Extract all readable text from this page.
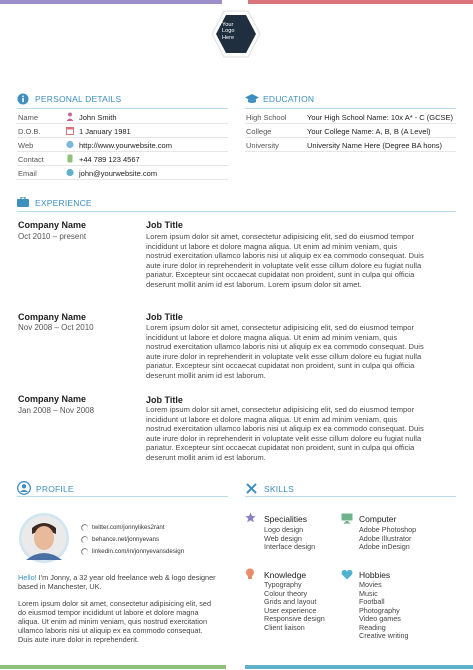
Your
Logo
Here
PERSONAL DETAILS
Name
D.O.B.
Web
Contact
Email
John Smith
1 January 1981
http://www.yourwebsite.com
+44 789 123 4567
john@yourwebsite.com
EDUCATION
High School
College
University
Your High School Name: 10x A* - C (GCSE)
Your College Name: A, B, B (A Level)
University Name Here (Degree BA hons)
EXPERIENCE
Company Name
Oct 2010 – present
Job Title
Lorem ipsum dolor sit amet, consectetur adipisicing elit, sed do eiusmod tempor
incididunt ut labore et dolore magna aliqua. Ut enim ad minim veniam, quis
nostrud exercitation ullamco laboris nisi ut aliquip ex ea commodo consequat. Duis
aute irure dolor in reprehenderit in voluptate velit esse cillum dolore eu fugiat nulla
pariatur. Excepteur sint occaecat cupidatat non proident, sunt in culpa qui officia
deserunt mollit anim id est laborum. Lorem ipsum dolor sit amet.
Company Name
Nov 2008 – Oct 2010
Job Title
Lorem ipsum dolor sit amet, consectetur adipisicing elit, sed do eiusmod tempor
incididunt ut labore et dolore magna aliqua. Ut enim ad minim veniam, quis
nostrud exercitation ullamco laboris nisi ut aliquip ex ea commodo consequat. Duis
aute irure dolor in reprehenderit in voluptate velit esse cillum dolore eu fugiat nulla
pariatur. Excepteur sint occaecat cupidatat non proident, sunt in culpa qui officia
deserunt mollit anim id est laborum.
Company Name
Jan 2008 – Nov 2008
Job Title
Lorem ipsum dolor sit amet, consectetur adipisicing elit, sed do eiusmod tempor
incididunt ut labore et dolore magna aliqua. Ut enim ad minim veniam, quis
nostrud exercitation ullamco laboris nisi ut aliquip ex ea commodo consequat. Duis
aute irure dolor in reprehenderit in voluptate velit esse cillum dolore eu fugiat nulla
pariatur. Excepteur sint occaecat cupidatat non proident, sunt in culpa qui officia
deserunt mollit anim id est laborum.
PROFILE
twitter.com/jonnylikes2rant
behance.net/jonnyevans
linkedin.com/in/jonnyevansdesign
Hello! I'm Jonny, a 32 year old freelance web & logo designer
based in Manchester, UK.
Lorem ipsum dolor sit amet, consectetur adipisicing elit, sed
do eiusmod tempor incididunt ut labore et dolore magna
aliqua. Ut enim ad minim veniam, quis nostrud exercitation
ullamco laboris nisi ut aliquip ex ea commodo consequat.
Duis aute irure dolor in reprehenderit.
SKILLS
Specialities
Logo design
Web design
Interface design
Computer
Adobe Photoshop
Adobe Illustrator
Adobe inDesign
Knowledge
Typography
Colour theory
Grids and layout
User experience
Responsive design
Client liaison
Hobbies
Movies
Music
Football
Photography
Video games
Reading
Creative writing
